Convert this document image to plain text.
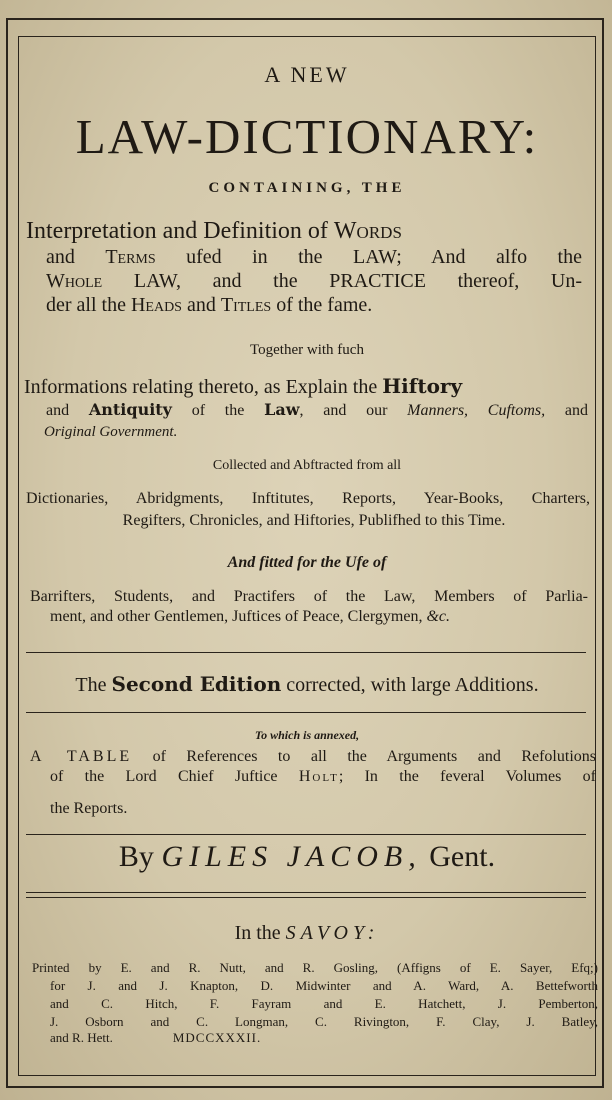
A NEW
LAW-DICTIONARY:
CONTAINING, THE
Interpretation and Definition of Words
and Terms ufed in the LAW; And alfo the
Whole LAW, and the PRACTICE thereof, Un-
der all the Heads and Titles of the fame.
Together with fuch
Informations relating thereto, as Explain the Hiftory
and Antiquity of the Law, and our Manners, Cuftoms, and
Original Government.
Collected and Abftracted from all
Dictionaries, Abridgments, Inftitutes, Reports, Year-Books, Charters,
Regifters, Chronicles, and Hiftories, Publifhed to this Time.
And fitted for the Ufe of
Barrifters, Students, and Practifers of the Law, Members of Parlia-
ment, and other Gentlemen, Juftices of Peace, Clergymen, &c.
The Second Edition corrected, with large Additions.
To which is annexed,
A TABLE of References to all the Arguments and Refolutions
of the Lord Chief Juftice Holt; In the feveral Volumes of
the Reports.
By GILES JACOB, Gent.
In the SAVOY:
Printed by E. and R. Nutt, and R. Gosling, (Affigns of E. Sayer, Efq;)
for J. and J. Knapton, D. Midwinter and A. Ward, A. Bettefworth
and C. Hitch, F. Fayram and E. Hatchett, J. Pemberton,
J. Osborn and C. Longman, C. Rivington, F. Clay, J. Batley,
and R. Hett.	MDCCXXXII.
